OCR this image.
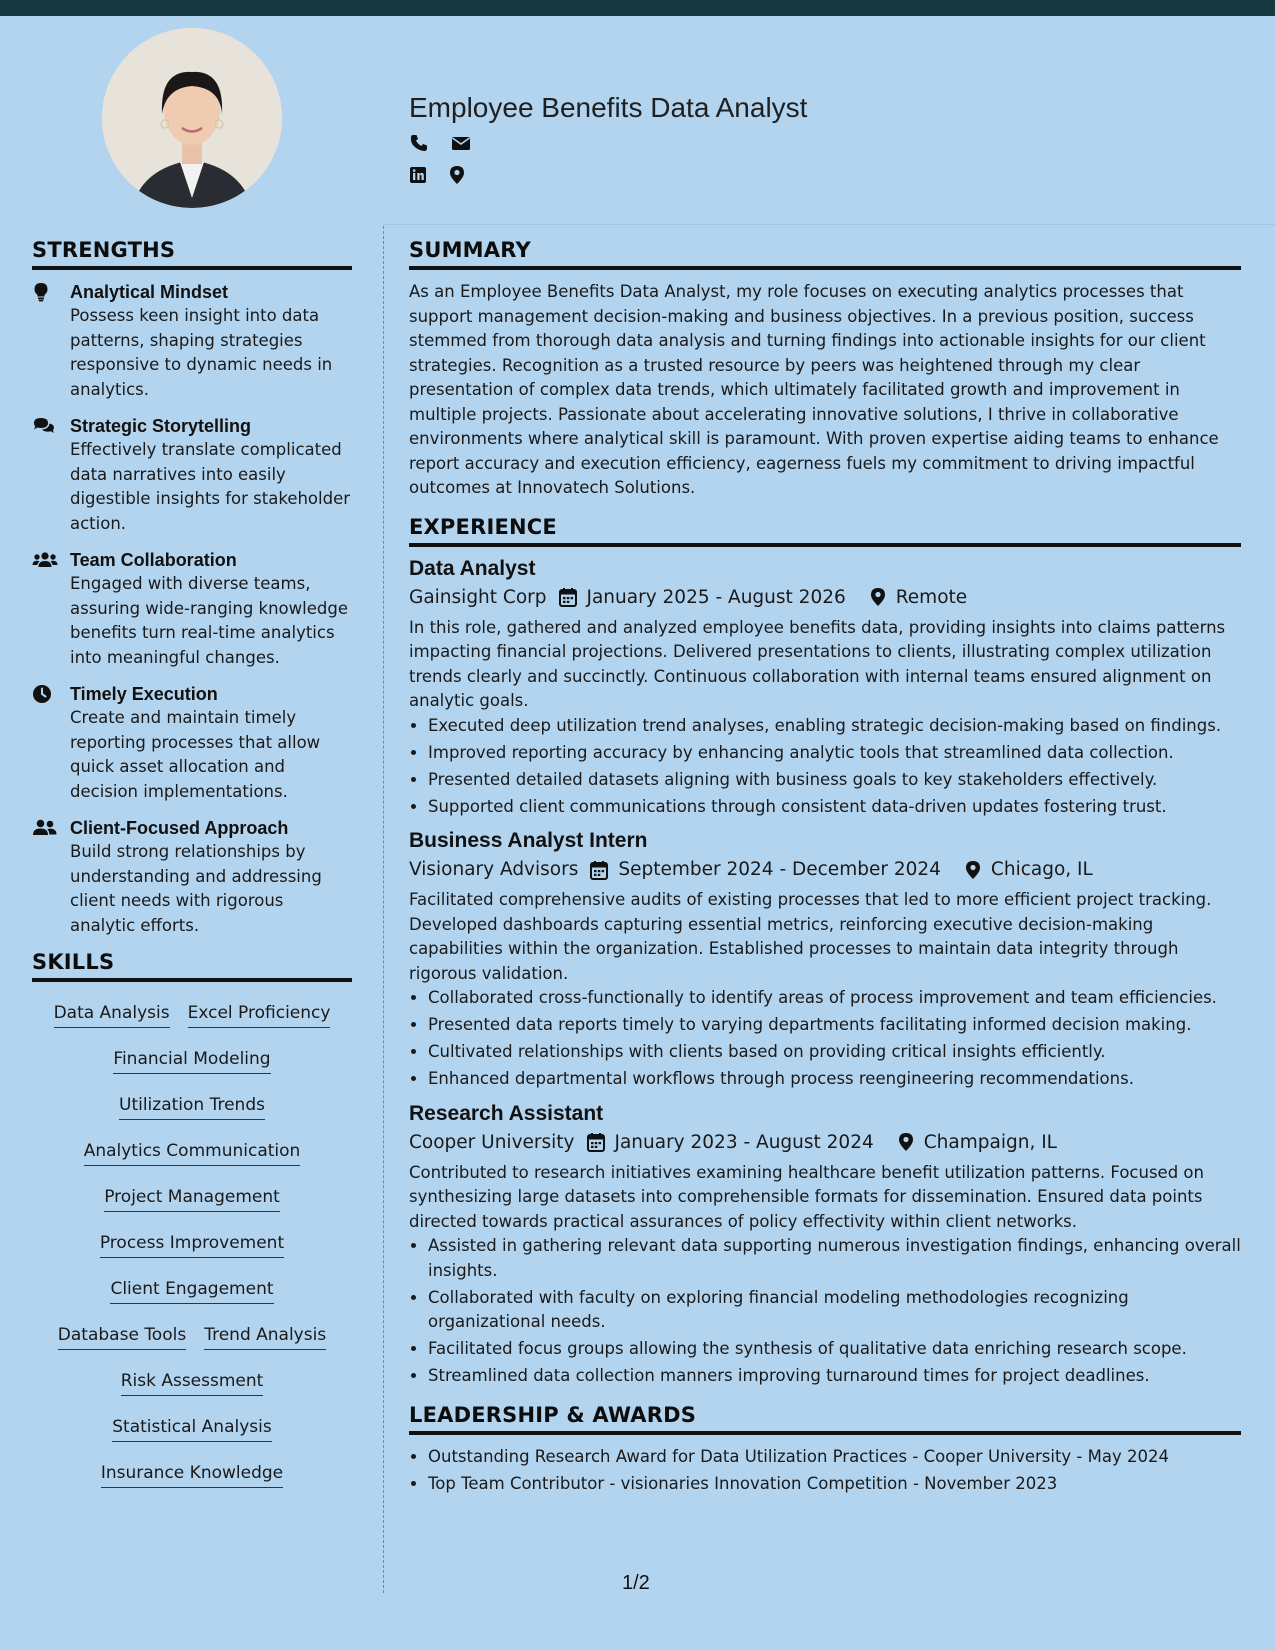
Employee Benefits Data Analyst
STRENGTHS
Analytical Mindset
Possess keen insight into data patterns, shaping strategies responsive to dynamic needs in analytics.
Strategic Storytelling
Effectively translate complicated data narratives into easily digestible insights for stakeholder action.
Team Collaboration
Engaged with diverse teams, assuring wide-ranging knowledge benefits turn real-time analytics into meaningful changes.
Timely Execution
Create and maintain timely reporting processes that allow quick asset allocation and decision implementations.
Client-Focused Approach
Build strong relationships by understanding and addressing client needs with rigorous analytic efforts.
SKILLS
Data Analysis Excel Proficiency
Financial Modeling
Utilization Trends
Analytics Communication
Project Management
Process Improvement
Client Engagement
Database Tools Trend Analysis
Risk Assessment
Statistical Analysis
Insurance Knowledge
SUMMARY

As an Employee Benefits Data Analyst, my role focuses on executing analytics processes that support management decision-making and business objectives. In a previous position, success stemmed from thorough data analysis and turning findings into actionable insights for our client strategies. Recognition as a trusted resource by peers was heightened through my clear presentation of complex data trends, which ultimately facilitated growth and improvement in multiple projects. Passionate about accelerating innovative solutions, I thrive in collaborative environments where analytical skill is paramount. With proven expertise aiding teams to enhance report accuracy and execution efficiency, eagerness fuels my commitment to driving impactful outcomes at Innovatech Solutions.

EXPERIENCE
Data Analyst
Gainsight Corp January 2025 - August 2026	Remote

In this role, gathered and analyzed employee benefits data, providing insights into claims patterns impacting financial projections. Delivered presentations to clients, illustrating complex utilization trends clearly and succinctly. Continuous collaboration with internal teams ensured alignment on analytic goals.

• Executed deep utilization trend analyses, enabling strategic decision-making based on findings.
• Improved reporting accuracy by enhancing analytic tools that streamlined data collection.
• Presented detailed datasets aligning with business goals to key stakeholders effectively.
• Supported client communications through consistent data-driven updates fostering trust.
Business Analyst Intern
Visionary Advisors September 2024 - December 2024	Chicago, IL

Facilitated comprehensive audits of existing processes that led to more efficient project tracking. Developed dashboards capturing essential metrics, reinforcing executive decision-making capabilities within the organization. Established processes to maintain data integrity through rigorous validation.

• Collaborated cross-functionally to identify areas of process improvement and team efficiencies.
• Presented data reports timely to varying departments facilitating informed decision making.
• Cultivated relationships with clients based on providing critical insights efficiently.
• Enhanced departmental workflows through process reengineering recommendations.
Research Assistant
Cooper University January 2023 - August 2024	Champaign, IL

Contributed to research initiatives examining healthcare benefit utilization patterns. Focused on synthesizing large datasets into comprehensible formats for dissemination. Ensured data points directed towards practical assurances of policy effectivity within client networks.

• Assisted in gathering relevant data supporting numerous investigation findings, enhancing overall insights.
• Collaborated with faculty on exploring financial modeling methodologies recognizing organizational needs.
• Facilitated focus groups allowing the synthesis of qualitative data enriching research scope.
• Streamlined data collection manners improving turnaround times for project deadlines.
LEADERSHIP & AWARDS
• Outstanding Research Award for Data Utilization Practices - Cooper University - May 2024
• Top Team Contributor - visionaries Innovation Competition - November 2023
1/2
